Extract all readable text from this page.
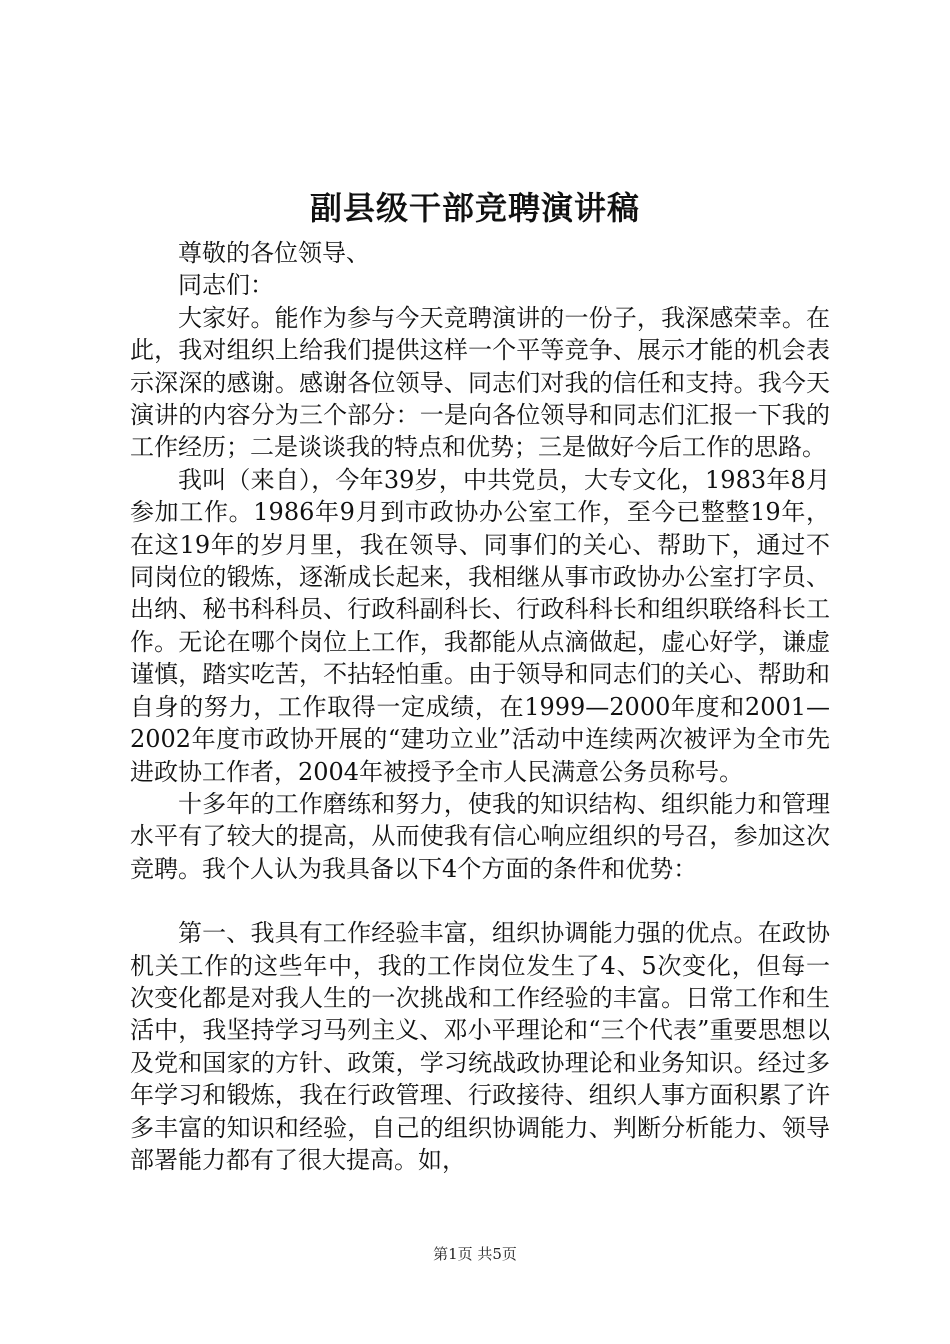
副县级干部竞聘演讲稿

尊敬的各位领导、

同志们：

大家好。能作为参与今天竞聘演讲的一份子，我深感荣幸。在此，我对组织上给我们提供这样一个平等竞争、展示才能的机会表示深深的感谢。感谢各位领导、同志们对我的信任和支持。我今天演讲的内容分为三个部分：一是向各位领导和同志们汇报一下我的工作经历；二是谈谈我的特点和优势；三是做好今后工作的思路。

我叫（来自），今年39岁，中共党员，大专文化，1983年8月参加工作。1986年9月到市政协办公室工作，至今已整整19年，在这19年的岁月里，我在领导、同事们的关心、帮助下，通过不同岗位的锻炼，逐渐成长起来，我相继从事市政协办公室打字员、出纳、秘书科科员、行政科副科长、行政科科长和组织联络科长工作。无论在哪个岗位上工作，我都能从点滴做起，虚心好学，谦虚谨慎，踏实吃苦，不拈轻怕重。由于领导和同志们的关心、帮助和自身的努力，工作取得一定成绩，在1999—2000年度和2001—2002年度市政协开展的“建功立业”活动中连续两次被评为全市先进政协工作者，2004年被授予全市人民满意公务员称号。

十多年的工作磨练和努力，使我的知识结构、组织能力和管理水平有了较大的提高，从而使我有信心响应组织的号召，参加这次竞聘。我个人认为我具备以下4个方面的条件和优势：

第一、我具有工作经验丰富，组织协调能力强的优点。在政协机关工作的这些年中，我的工作岗位发生了4、5次变化，但每一次变化都是对我人生的一次挑战和工作经验的丰富。日常工作和生活中，我坚持学习马列主义、邓小平理论和“三个代表”重要思想以及党和国家的方针、政策，学习统战政协理论和业务知识。经过多年学习和锻炼，我在行政管理、行政接待、组织人事方面积累了许多丰富的知识和经验，自己的组织协调能力、判断分析能力、领导部署能力都有了很大提高。如，

第1页 共5页
